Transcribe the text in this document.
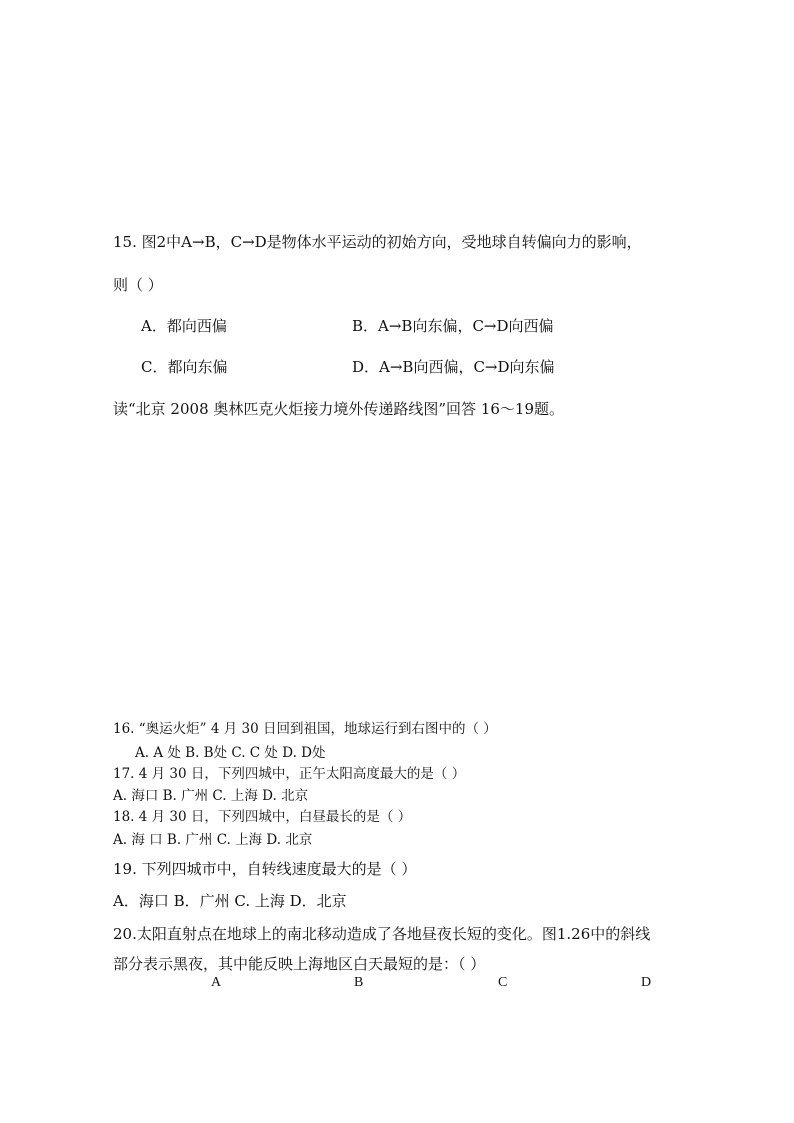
15. 图2中A→B，C→D是物体水平运动的初始方向，受地球自转偏向力的影响，
则（ ）
A．都向西偏	B．A→B向东偏，C→D向西偏
C．都向东偏	D．A→B向西偏，C→D向东偏
读“北京 2008 奥林匹克火炬接力境外传递路线图”回答 16～19题。
16. “奥运火炬” 4 月 30 日回到祖国，地球运行到右图中的（ ）
A. A 处 B. B处 C. C 处 D. D处
17. 4 月 30 日，下列四城中，正午太阳高度最大的是（ ）
A. 海口 B. 广州 C. 上海 D. 北京
18. 4 月 30 日，下列四城中，白昼最长的是（ ）
A. 海 口 B. 广州 C. 上海 D. 北京
19. 下列四城市中，自转线速度最大的是（ ）
A．海口 B．广州 C. 上海 D．北京
20.太阳直射点在地球上的南北移动造成了各地昼夜长短的变化。图1.26中的斜线
部分表示黑夜，其中能反映上海地区白天最短的是：（ ）
A	B	C	D
